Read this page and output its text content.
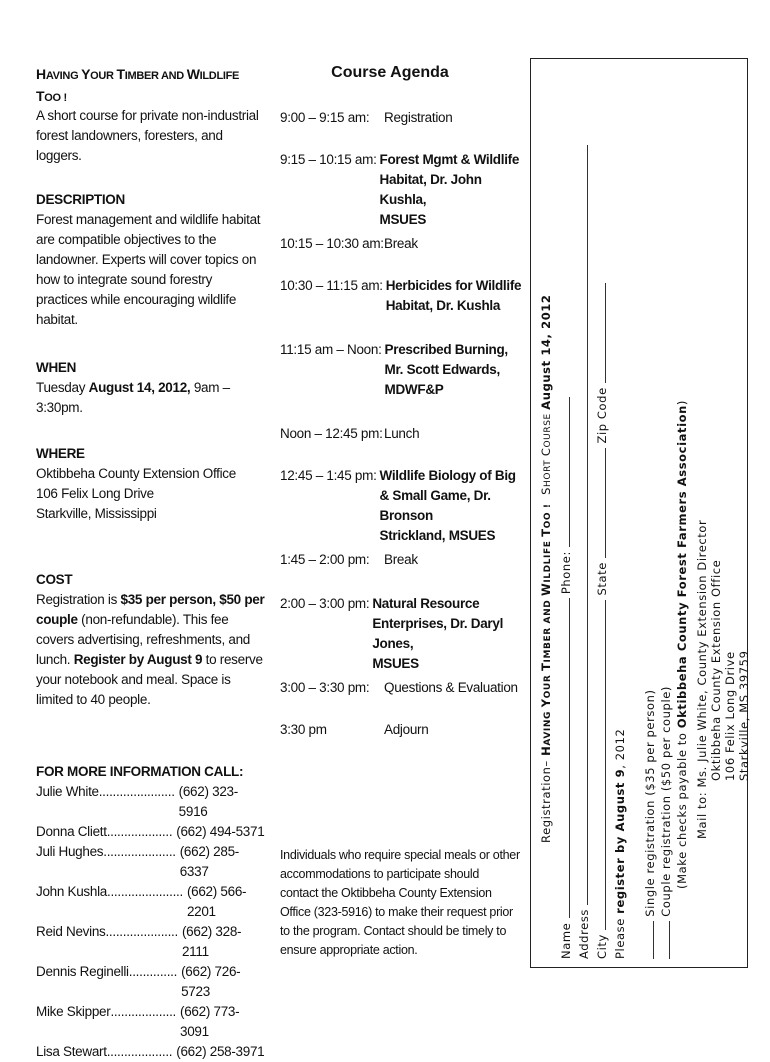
HAVING YOUR TIMBER AND WILDLIFE TOO !

A short course for private non-industrial forest landowners, foresters, and loggers.
DESCRIPTION
Forest management and wildlife habitat are compatible objectives to the landowner. Experts will cover topics on how to integrate sound forestry practices while encouraging wildlife habitat.
WHEN
Tuesday August 14, 2012, 9am – 3:30pm.
WHERE
Oktibbeha County Extension Office
106 Felix Long Drive
Starkville, Mississippi
COST
Registration is $35 per person, $50 per couple (non-refundable). This fee covers advertising, refreshments, and lunch. Register by August 9 to reserve your notebook and meal. Space is limited to 40 people.
FOR MORE INFORMATION CALL:
Julie White ...................... (662) 323-5916
Donna Cliett ................... (662) 494-5371
Juli Hughes ..................... (662) 285-6337
John Kushla ...................... (662) 566-2201
Reid Nevins ..................... (662) 328-2111
Dennis Reginelli .............. (662) 726-5723
Mike Skipper ................... (662) 773-3091
Lisa Stewart ................... (662) 258-3971
Course Agenda
9:00 – 9:15 am: Registration
9:15 – 10:15 am: Forest Mgmt & Wildlife
Habitat, Dr. John Kushla,
MSUES
10:15 – 10:30 am: Break
10:30 – 11:15 am: Herbicides for Wildlife
Habitat, Dr. Kushla
11:15 am – Noon: Prescribed Burning,
Mr. Scott Edwards, MDWF&P
Noon – 12:45 pm: Lunch
12:45 – 1:45 pm: Wildlife Biology of Big
& Small Game, Dr. Bronson
Strickland, MSUES
1:45 – 2:00 pm: Break
2:00 – 3:00 pm: Natural Resource
Enterprises, Dr. Daryl Jones,
MSUES
3:00 – 3:30 pm: Questions & Evaluation
3:30 pm	Adjourn
Individuals who require special meals or other accommodations to participate should contact the Oktibbeha County Extension Office (323-5916) to make their request prior to the program. Contact should be timely to ensure appropriate action.
Registration– HAVING YOUR TIMBER AND WILDLIFE TOO !  SHORT COURSE August 14, 2012
Name  Phone:
Address City  State  Zip Code
Please register by August 9, 2012 Single registration ($35 per person) Couple registration ($50 per couple) (Make checks payable to Oktibbeha County Forest Farmers Association)
Mail to: Ms. Julie White, County Extension Director Oktibbeha County Extension Office 106 Felix Long Drive Starkville, MS 39759
